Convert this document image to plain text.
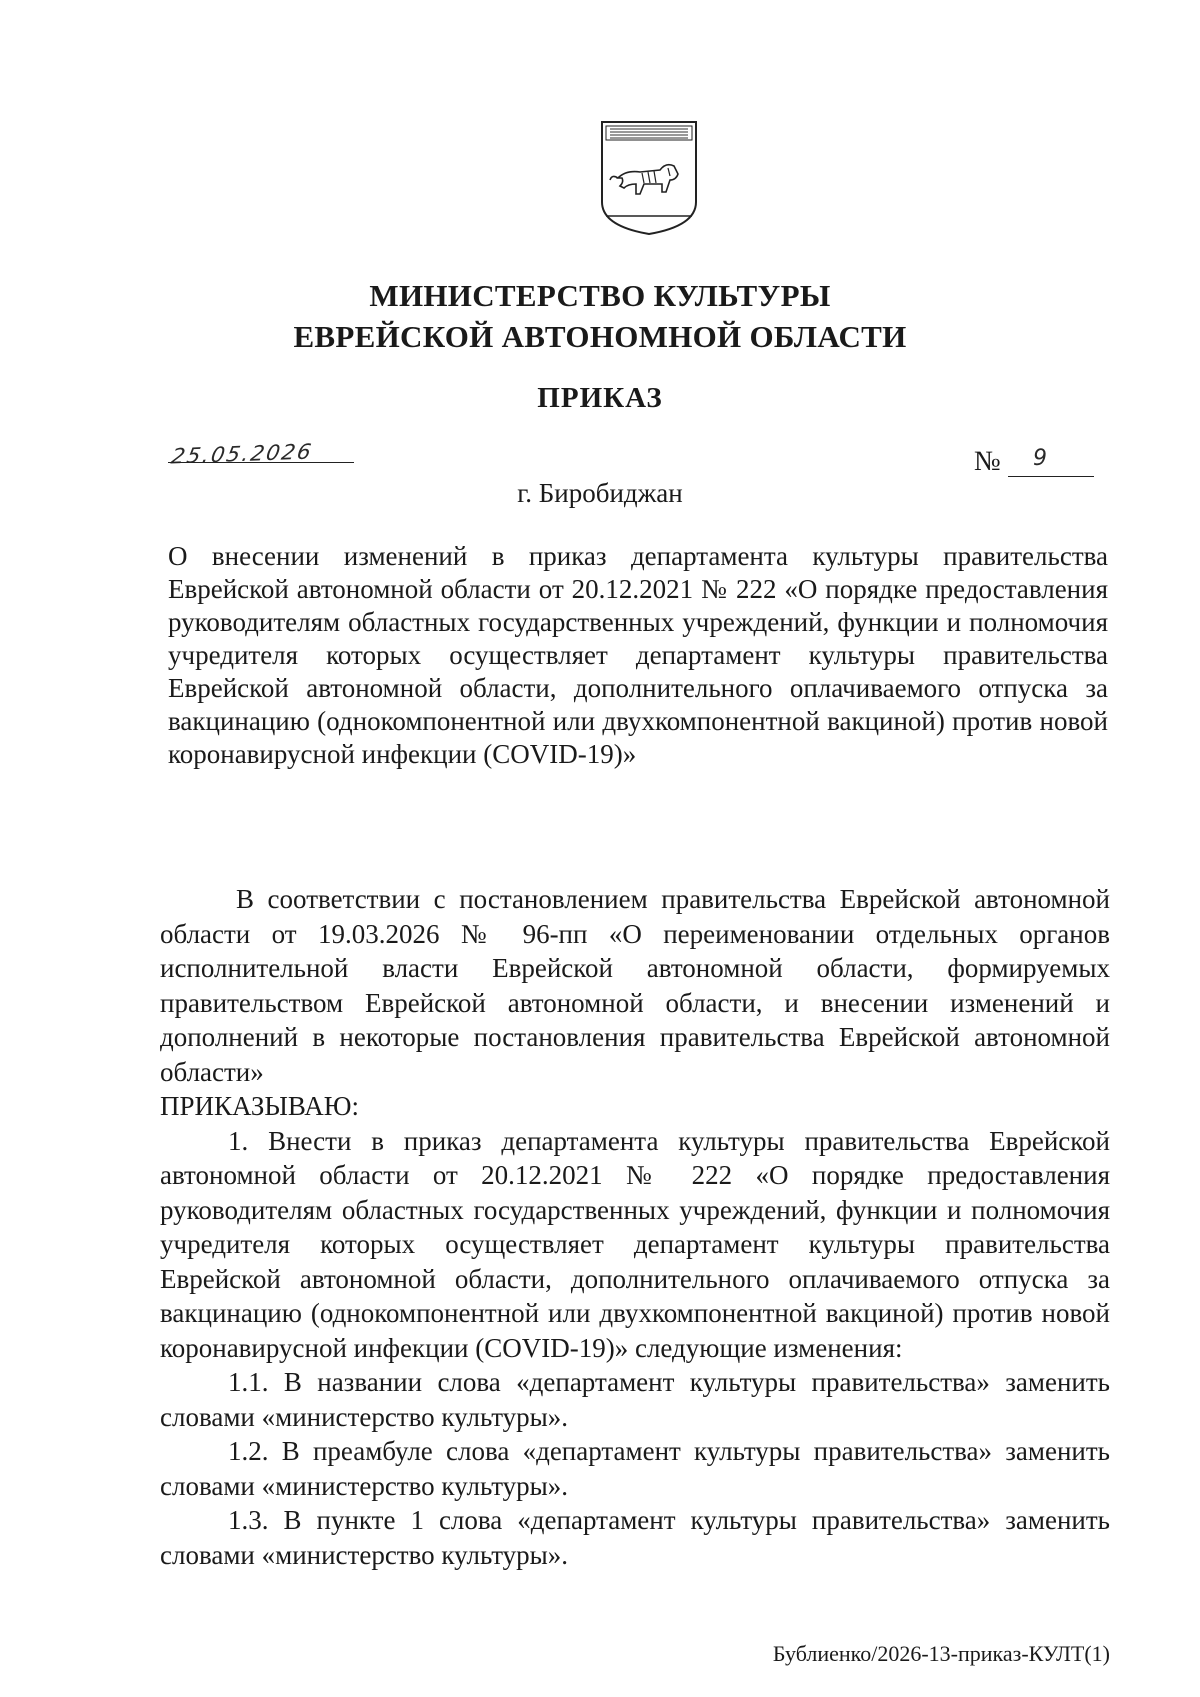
МИНИСТЕРСТВО КУЛЬТУРЫ
ЕВРЕЙСКОЙ АВТОНОМНОЙ ОБЛАСТИ
ПРИКАЗ
25.05.2026	№ 9
г. Биробиджан
О внесении изменений в приказ департамента культуры правительства Еврейской автономной области от 20.12.2021 № 222 «О порядке предоставления руководителям областных государственных учреждений, функции и полномочия учредителя которых осуществляет департамент культуры правительства Еврейской автономной области, дополнительного оплачиваемого отпуска за вакцинацию (однокомпонентной или двухкомпонентной вакциной) против новой коронавирусной инфекции (COVID-19)»

В соответствии с постановлением правительства Еврейской автономной области от 19.03.2026 № 96-пп «О переименовании отдельных органов исполнительной власти Еврейской автономной области, формируемых правительством Еврейской автономной области, и внесении изменений и дополнений в некоторые постановления правительства Еврейской автономной области»

ПРИКАЗЫВАЮ:

1. Внести в приказ департамента культуры правительства Еврейской автономной области от 20.12.2021 № 222 «О порядке предоставления руководителям областных государственных учреждений, функции и полномочия учредителя которых осуществляет департамент культуры правительства Еврейской автономной области, дополнительного оплачиваемого отпуска за вакцинацию (однокомпонентной или двухкомпонентной вакциной) против новой коронавирусной инфекции (COVID-19)» следующие изменения:

1.1. В названии слова «департамент культуры правительства» заменить словами «министерство культуры».

1.2. В преамбуле слова «департамент культуры правительства» заменить словами «министерство культуры».

1.3. В пункте 1 слова «департамент культуры правительства» заменить словами «министерство культуры».

Бублиенко/2026-13-приказ-КУЛТ(1)
